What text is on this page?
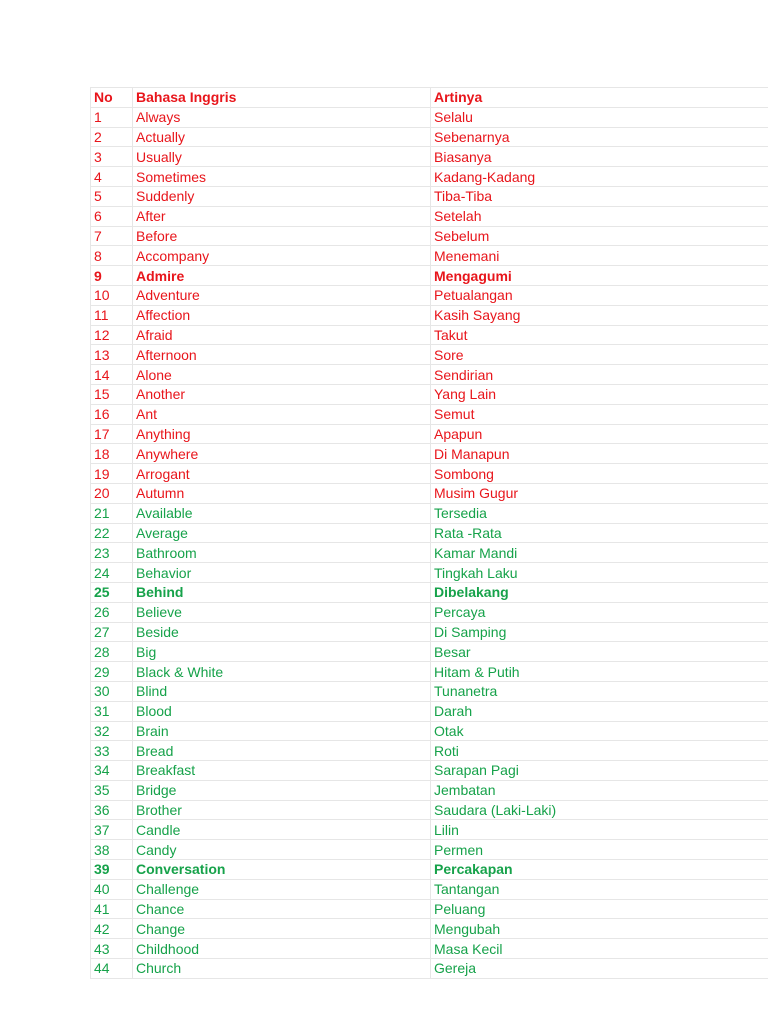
No	Bahasa Inggris	Artinya
1	Always	Selalu
2	Actually	Sebenarnya
3	Usually	Biasanya
4	Sometimes	Kadang-Kadang
5	Suddenly	Tiba-Tiba
6	After	Setelah
7	Before	Sebelum
8	Accompany	Menemani
9	Admire	Mengagumi
10	Adventure	Petualangan
11	Affection	Kasih Sayang
12	Afraid	Takut
13	Afternoon	Sore
14	Alone	Sendirian
15	Another	Yang Lain
16	Ant	Semut
17	Anything	Apapun
18	Anywhere	Di Manapun
19	Arrogant	Sombong
20	Autumn	Musim Gugur
21	Available	Tersedia
22	Average	Rata -Rata
23	Bathroom	Kamar Mandi
24	Behavior	Tingkah Laku
25	Behind	Dibelakang
26	Believe	Percaya
27	Beside	Di Samping
28	Big	Besar
29	Black & White	Hitam & Putih
30	Blind	Tunanetra
31	Blood	Darah
32	Brain	Otak
33	Bread	Roti
34	Breakfast	Sarapan Pagi
35	Bridge	Jembatan
36	Brother	Saudara (Laki-Laki)
37	Candle	Lilin
38	Candy	Permen
39	Conversation	Percakapan
40	Challenge	Tantangan
41	Chance	Peluang
42	Change	Mengubah
43	Childhood	Masa Kecil
44	Church	Gereja
